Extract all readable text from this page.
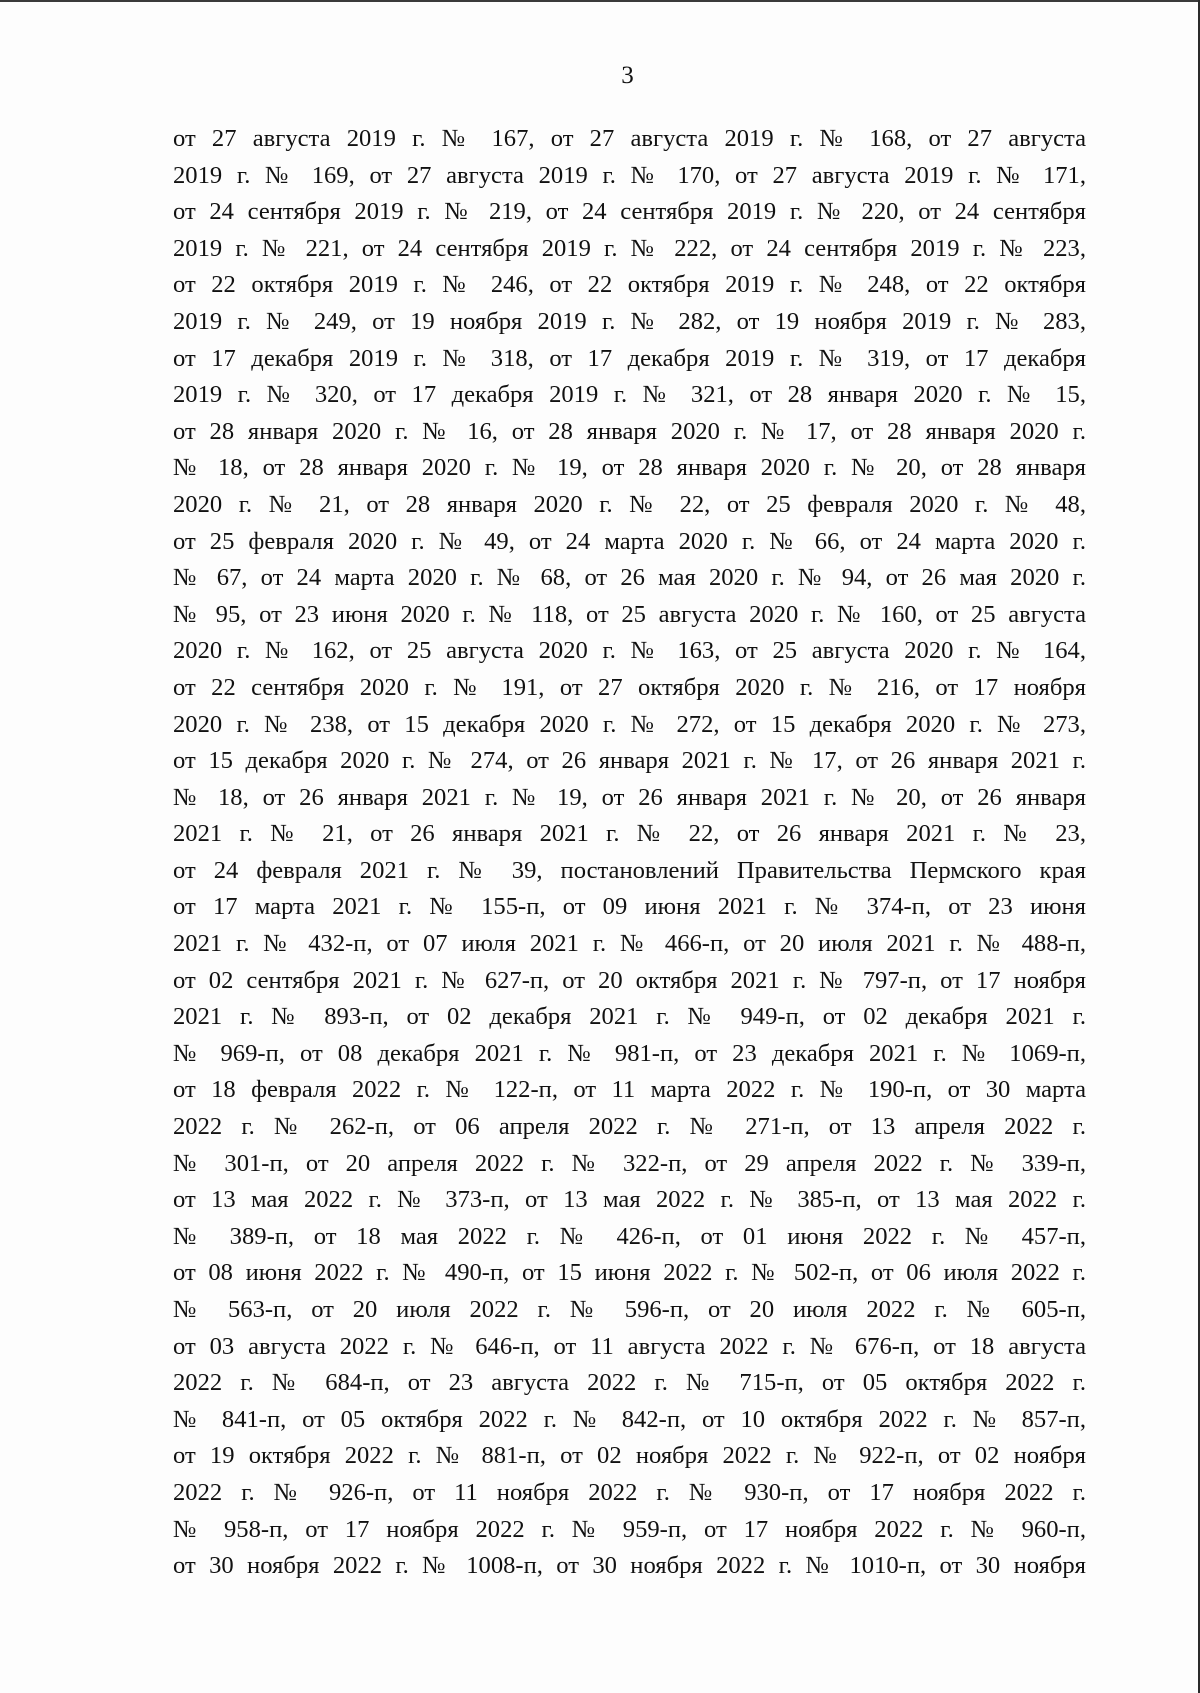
3
от 27 августа 2019 г. № 167, от 27 августа 2019 г. № 168, от 27 августа
2019 г. № 169, от 27 августа 2019 г. № 170, от 27 августа 2019 г. № 171,
от 24 сентября 2019 г. № 219, от 24 сентября 2019 г. № 220, от 24 сентября
2019 г. № 221, от 24 сентября 2019 г. № 222, от 24 сентября 2019 г. № 223,
от 22 октября 2019 г. № 246, от 22 октября 2019 г. № 248, от 22 октября
2019 г. № 249, от 19 ноября 2019 г. № 282, от 19 ноября 2019 г. № 283,
от 17 декабря 2019 г. № 318, от 17 декабря 2019 г. № 319, от 17 декабря
2019 г. № 320, от 17 декабря 2019 г. № 321, от 28 января 2020 г. № 15,
от 28 января 2020 г. № 16, от 28 января 2020 г. № 17, от 28 января 2020 г.
№ 18, от 28 января 2020 г. № 19, от 28 января 2020 г. № 20, от 28 января
2020 г. № 21, от 28 января 2020 г. № 22, от 25 февраля 2020 г. № 48,
от 25 февраля 2020 г. № 49, от 24 марта 2020 г. № 66, от 24 марта 2020 г.
№ 67, от 24 марта 2020 г. № 68, от 26 мая 2020 г. № 94, от 26 мая 2020 г.
№ 95, от 23 июня 2020 г. № 118, от 25 августа 2020 г. № 160, от 25 августа
2020 г. № 162, от 25 августа 2020 г. № 163, от 25 августа 2020 г. № 164,
от 22 сентября 2020 г. № 191, от 27 октября 2020 г. № 216, от 17 ноября
2020 г. № 238, от 15 декабря 2020 г. № 272, от 15 декабря 2020 г. № 273,
от 15 декабря 2020 г. № 274, от 26 января 2021 г. № 17, от 26 января 2021 г.
№ 18, от 26 января 2021 г. № 19, от 26 января 2021 г. № 20, от 26 января
2021 г. № 21, от 26 января 2021 г. № 22, от 26 января 2021 г. № 23,
от 24 февраля 2021 г. № 39, постановлений Правительства Пермского края
от 17 марта 2021 г. № 155-п, от 09 июня 2021 г. № 374-п, от 23 июня
2021 г. № 432-п, от 07 июля 2021 г. № 466-п, от 20 июля 2021 г. № 488-п,
от 02 сентября 2021 г. № 627-п, от 20 октября 2021 г. № 797-п, от 17 ноября
2021 г. № 893-п, от 02 декабря 2021 г. № 949-п, от 02 декабря 2021 г.
№ 969-п, от 08 декабря 2021 г. № 981-п, от 23 декабря 2021 г. № 1069-п,
от 18 февраля 2022 г. № 122-п, от 11 марта 2022 г. № 190-п, от 30 марта
2022 г. № 262-п, от 06 апреля 2022 г. № 271-п, от 13 апреля 2022 г.
№ 301-п, от 20 апреля 2022 г. № 322-п, от 29 апреля 2022 г. № 339-п,
от 13 мая 2022 г. № 373-п, от 13 мая 2022 г. № 385-п, от 13 мая 2022 г.
№ 389-п, от 18 мая 2022 г. № 426-п, от 01 июня 2022 г. № 457-п,
от 08 июня 2022 г. № 490-п, от 15 июня 2022 г. № 502-п, от 06 июля 2022 г.
№ 563-п, от 20 июля 2022 г. № 596-п, от 20 июля 2022 г. № 605-п,
от 03 августа 2022 г. № 646-п, от 11 августа 2022 г. № 676-п, от 18 августа
2022 г. № 684-п, от 23 августа 2022 г. № 715-п, от 05 октября 2022 г.
№ 841-п, от 05 октября 2022 г. № 842-п, от 10 октября 2022 г. № 857-п,
от 19 октября 2022 г. № 881-п, от 02 ноября 2022 г. № 922-п, от 02 ноября
2022 г. № 926-п, от 11 ноября 2022 г. № 930-п, от 17 ноября 2022 г.
№ 958-п, от 17 ноября 2022 г. № 959-п, от 17 ноября 2022 г. № 960-п,
от 30 ноября 2022 г. № 1008-п, от 30 ноября 2022 г. № 1010-п, от 30 ноября
